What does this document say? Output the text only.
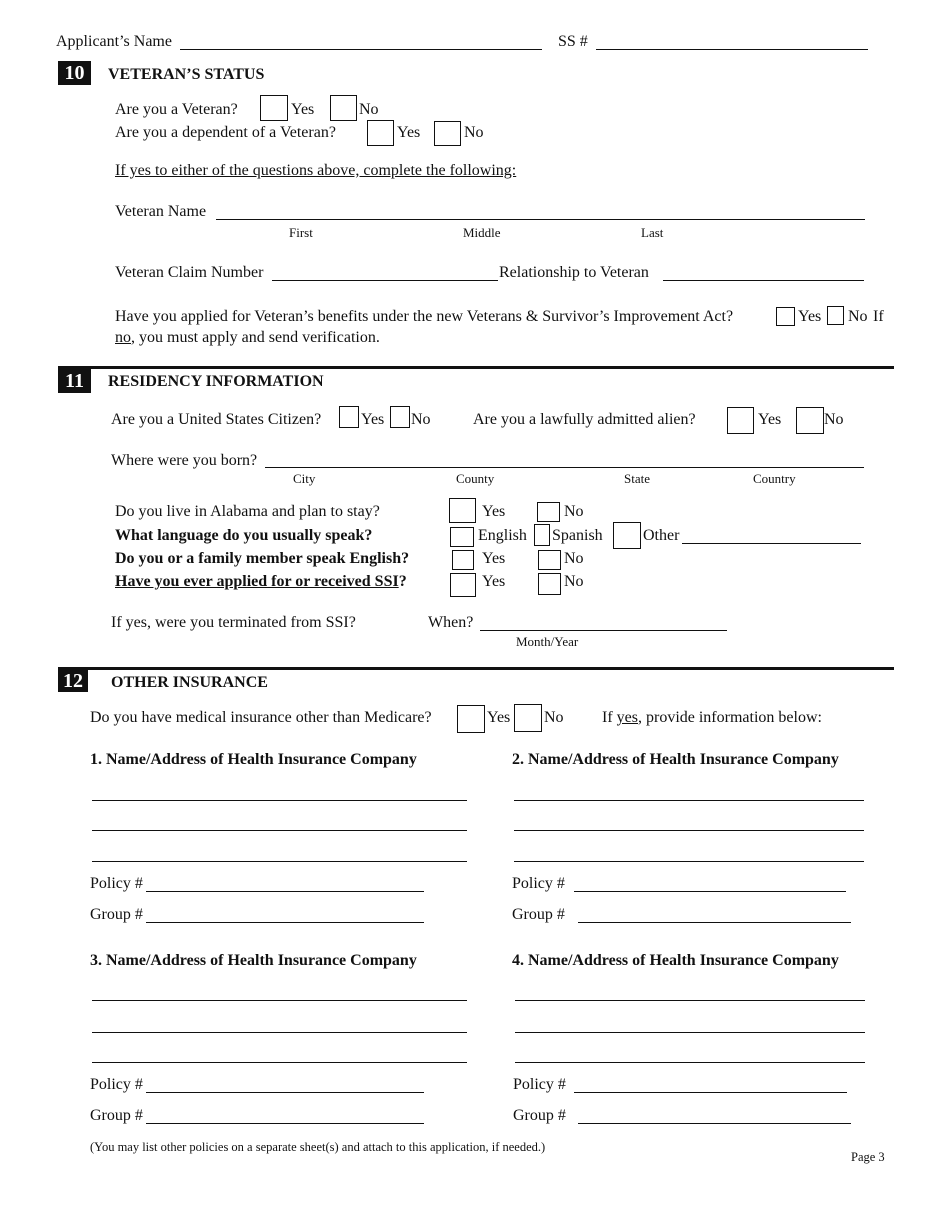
Applicant’s Name	SS #
10	VETERAN’S STATUS
Are you a Veteran?	Yes	No
Are you a dependent of a Veteran?	Yes	No
If yes to either of the questions above, complete the following:
Veteran Name
First	Middle	Last
Veteran Claim Number	Relationship to Veteran
Have you applied for Veteran’s benefits under the new Veterans & Survivor’s Improvement Act?	Yes No If
no, you must apply and send verification.
11	RESIDENCY INFORMATION
Are you a United States Citizen? Yes No	Are you a lawfully admitted alien?	Yes	No
Where were you born?
City	County	State	Country
Do you live in Alabama and plan to stay?	Yes	No
What language do you usually speak?	English Spanish	Other
Do you or a family member speak English?	Yes	No
Have you ever applied for or received SSI?	Yes	No
If yes, were you terminated from SSI?	When?
Month/Year
12	OTHER INSURANCE
Do you have medical insurance other than Medicare?	Yes No If yes, provide information below:
1. Name/Address of Health Insurance Company
Policy #
Group #
2. Name/Address of Health Insurance Company
Policy #
Group #
3. Name/Address of Health Insurance Company
Policy #
Group #
4. Name/Address of Health Insurance Company
Policy #
Group #
(You may list other policies on a separate sheet(s) and attach to this application, if needed.)
Page 3
